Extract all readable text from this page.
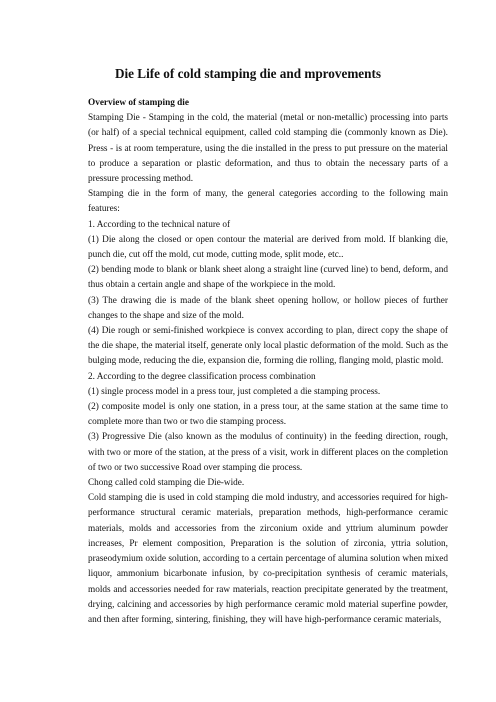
Die Life of cold stamping die and mprovements

Overview of stamping die

Stamping Die - Stamping in the cold, the material (metal or non-metallic) processing into parts (or half) of a special technical equipment, called cold stamping die (commonly known as Die). Press - is at room temperature, using the die installed in the press to put pressure on the material to produce a separation or plastic deformation, and thus to obtain the necessary parts of a pressure processing method.

Stamping die in the form of many, the general categories according to the following main features:

1. According to the technical nature of

(1) Die along the closed or open contour the material are derived from mold. If blanking die, punch die, cut off the mold, cut mode, cutting mode, split mode, etc..

(2) bending mode to blank or blank sheet along a straight line (curved line) to bend, deform, and thus obtain a certain angle and shape of the workpiece in the mold.

(3) The drawing die is made of the blank sheet opening hollow, or hollow pieces of further changes to the shape and size of the mold.

(4) Die rough or semi-finished workpiece is convex according to plan, direct copy the shape of the die shape, the material itself, generate only local plastic deformation of the mold. Such as the bulging mode, reducing the die, expansion die, forming die rolling, flanging mold, plastic mold.

2. According to the degree classification process combination

(1) single process model in a press tour, just completed a die stamping process.

(2) composite model is only one station, in a press tour, at the same station at the same time to complete more than two or two die stamping process.

(3) Progressive Die (also known as the modulus of continuity) in the feeding direction, rough, with two or more of the station, at the press of a visit, work in different places on the completion of two or two successive Road over stamping die process.

Chong called cold stamping die Die-wide.

Cold stamping die is used in cold stamping die mold industry, and accessories required for high-performance structural ceramic materials, preparation methods, high-performance ceramic materials, molds and accessories from the zirconium oxide and yttrium aluminum powder increases, Pr element composition, Preparation is the solution of zirconia, yttria solution, praseodymium oxide solution, according to a certain percentage of alumina solution when mixed liquor, ammonium bicarbonate infusion, by co-precipitation synthesis of ceramic materials, molds and accessories needed for raw materials, reaction precipitate generated by the treatment, drying, calcining and accessories by high performance ceramic mold material superfine powder, and then after forming, sintering, finishing, they will have high-performance ceramic materials,
